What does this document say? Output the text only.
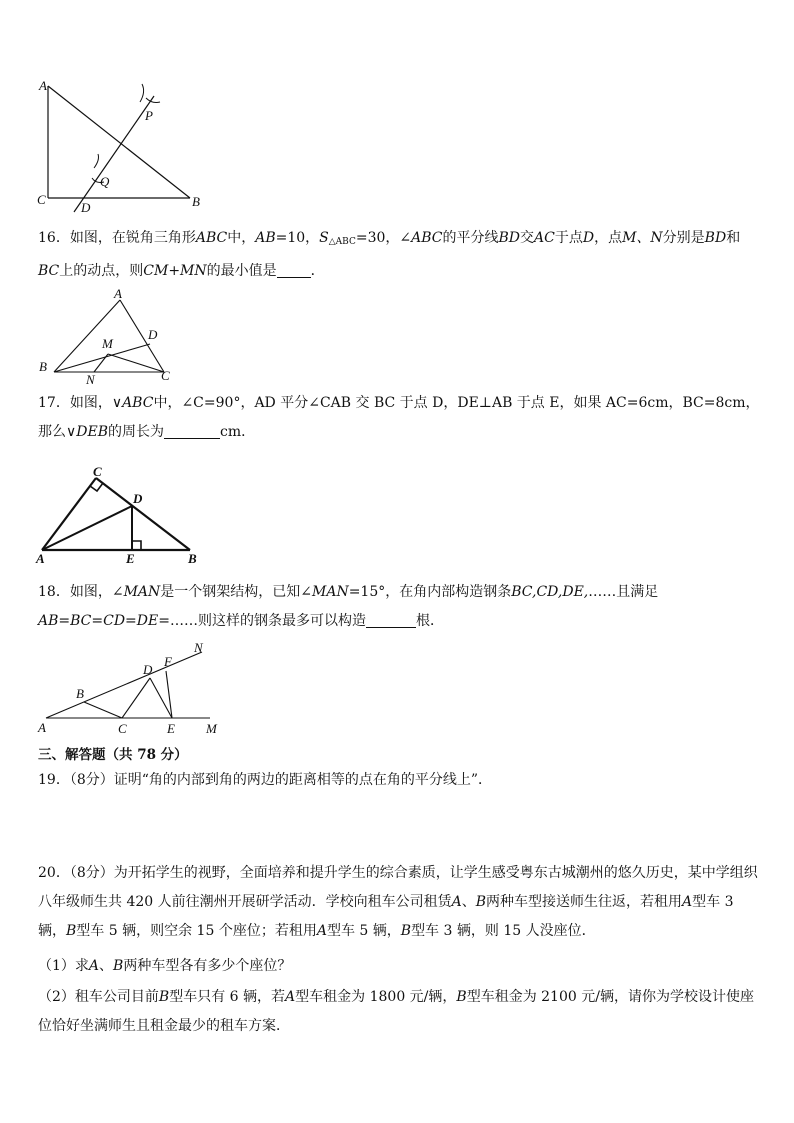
A
C
D	B
P
Q
16．如图，在锐角三角形ABC中，AB=10，$S_{\triangle ABC}=30$，∠ABC的平分线BD交AC于点D，点M、N分别是BD和BC上的动点，则CM+MN的最小值是 ．
A
D
M
B
N	C
17．如图，∨ABC中，∠C=90°，AD 平分∠CAB 交 BC 于点 D，DE⊥AB 于点 E，如果 AC=6cm，BC=8cm，那么∨DEB的周长为	cm．
C
D
A	E	B
18．如图，∠MAN是一个钢架结构，已知∠MAN=15°，在角内部构造钢条BC,CD,DE,……且满足AB=BC=CD=DE=……则这样的钢条最多可以构造	根．
N
F
D
B
A	C	E M
三、解答题（共 78 分）
19．（8分）证明“角的内部到角的两边的距离相等的点在角的平分线上”．
20．（8分）为开拓学生的视野，全面培养和提升学生的综合素质，让学生感受粤东古城潮州的悠久历史，某中学组织八年级师生共 420 人前往潮州开展研学活动．学校向租车公司租赁A、B两种车型接送师生往返，若租用A型车 3辆，B型车 5 辆，则空余 15 个座位；若租用A型车 5 辆，B型车 3 辆，则 15 人没座位．
（1）求A、B两种车型各有多少个座位？
（2）租车公司目前B型车只有 6 辆，若A型车租金为 1800 元/辆，B型车租金为 2100 元/辆，请你为学校设计使座位恰好坐满师生且租金最少的租车方案．
